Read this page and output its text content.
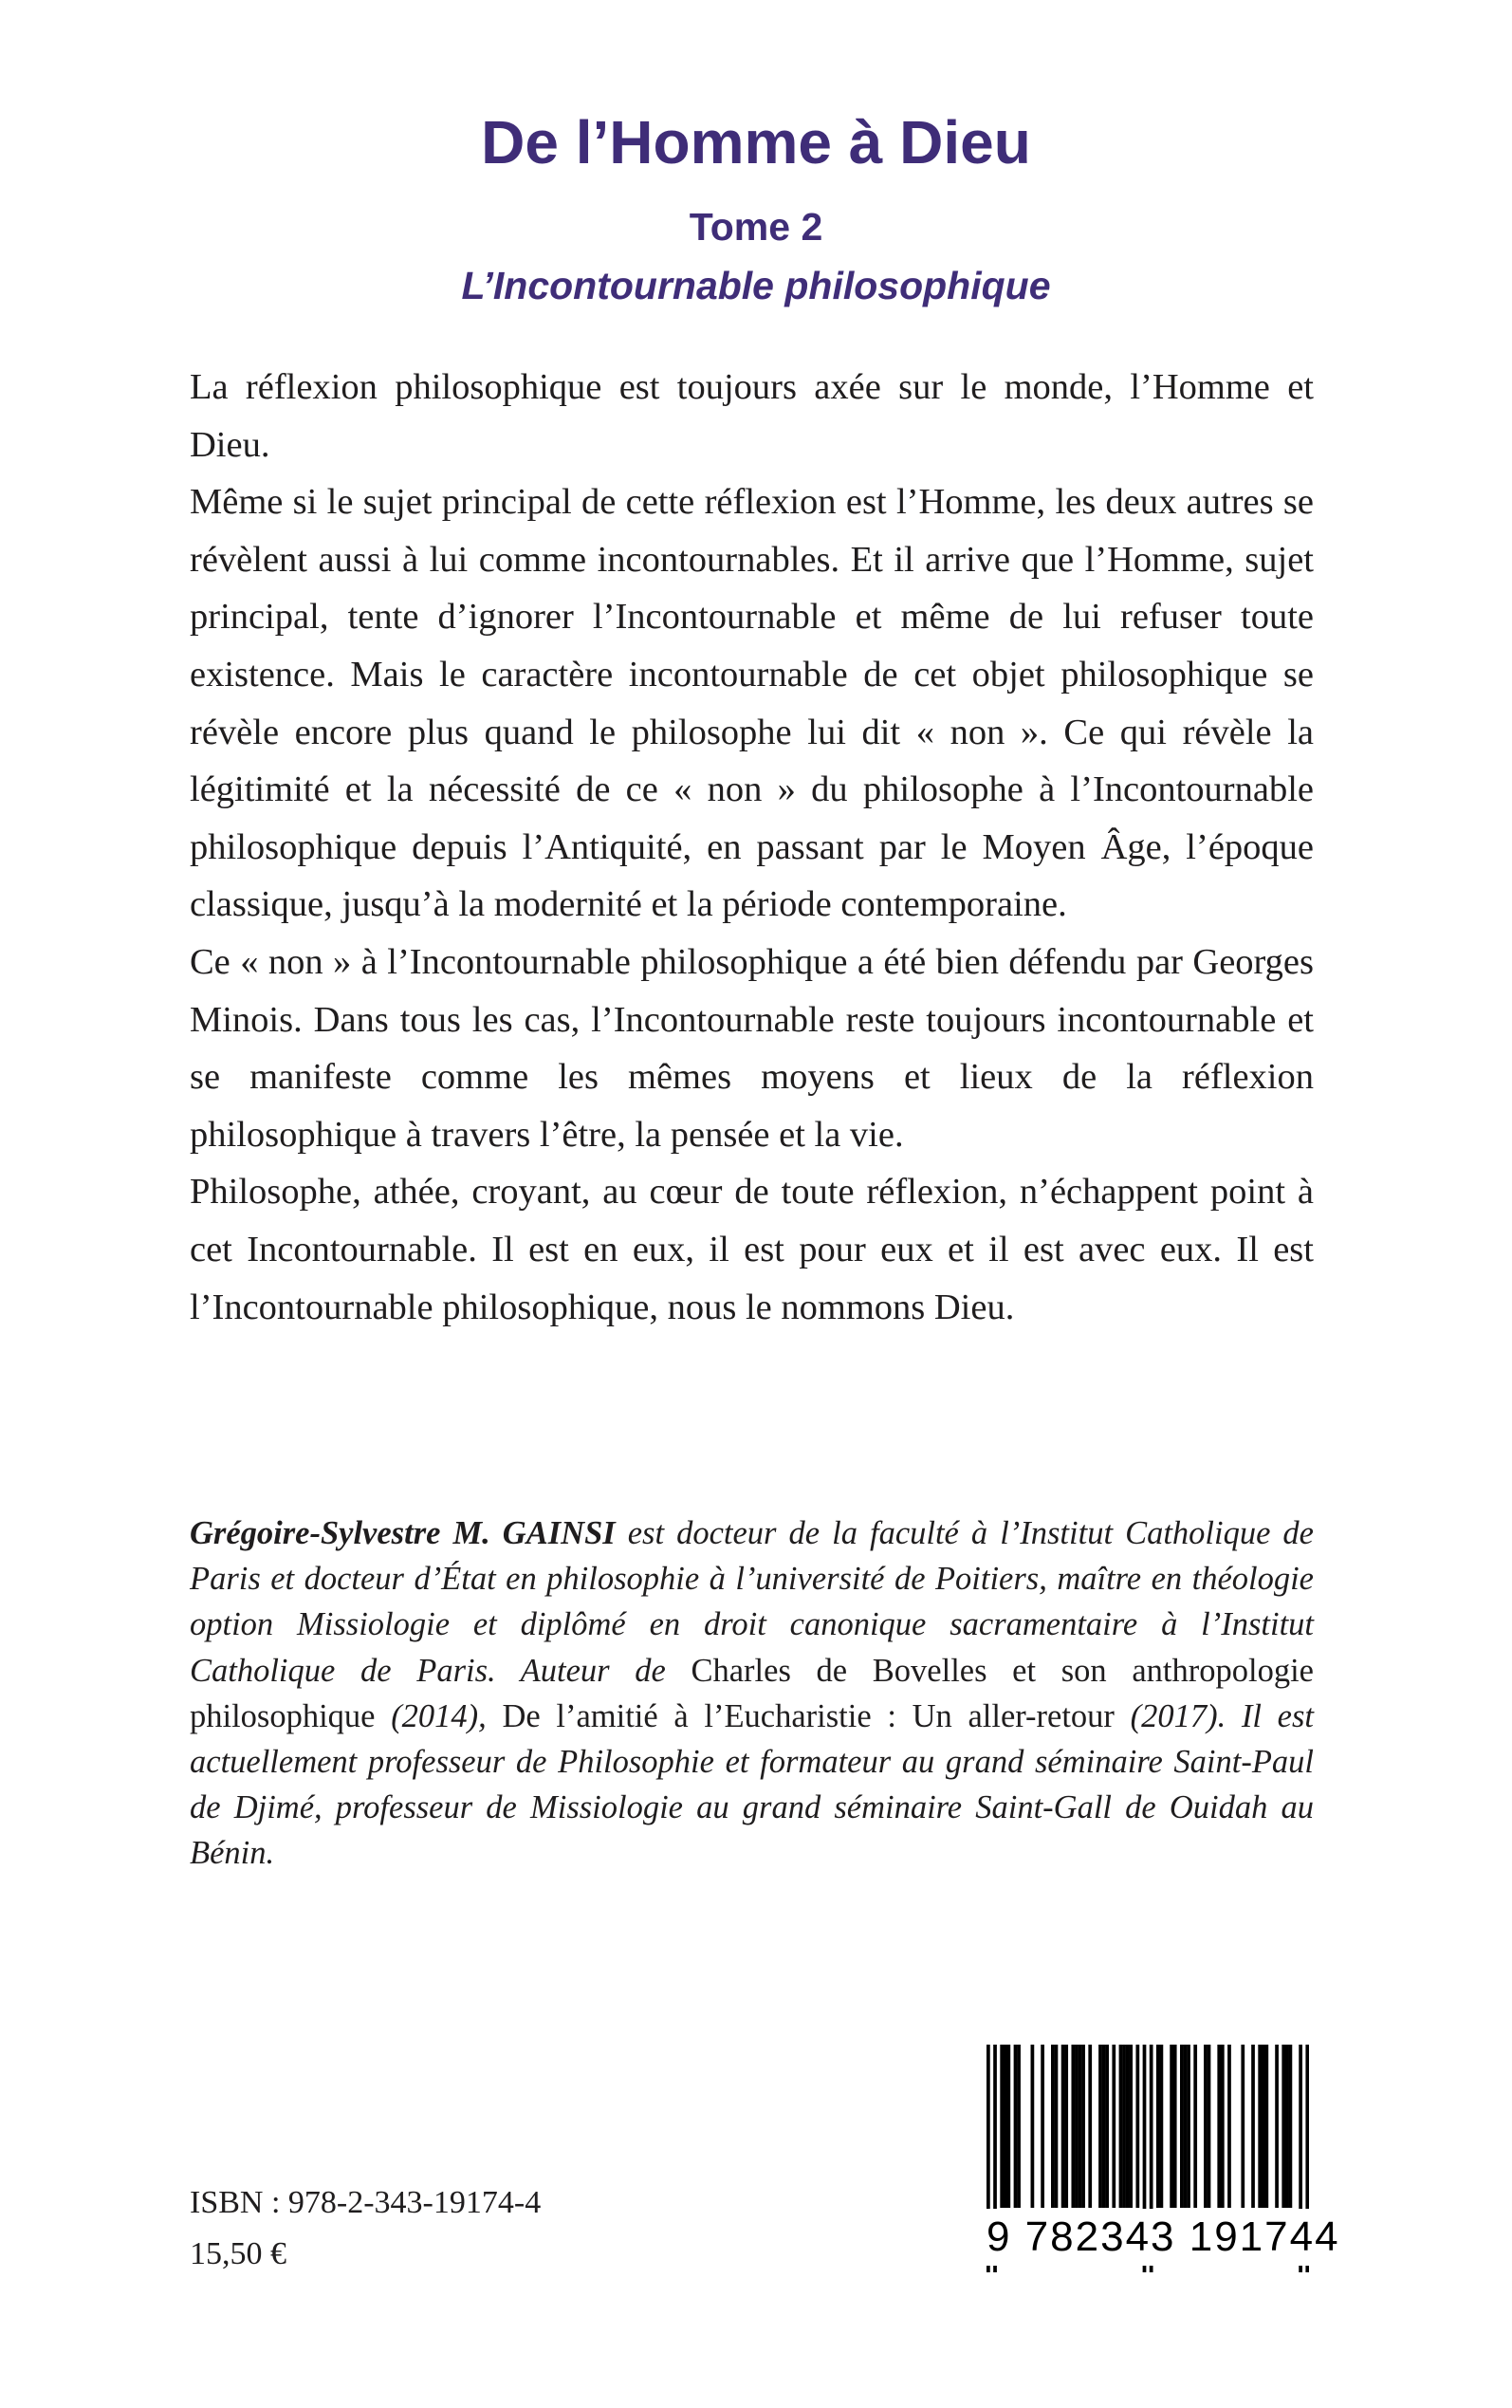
De l’Homme à Dieu
Tome 2
L’Incontournable philosophique

La réflexion philosophique est toujours axée sur le monde, l’Homme et Dieu.

Même si le sujet principal de cette réflexion est l’Homme, les deux autres se révèlent aussi à lui comme incontournables. Et il arrive que l’Homme, sujet principal, tente d’ignorer l’Incontournable et même de lui refuser toute existence. Mais le caractère incontournable de cet objet philosophique se révèle encore plus quand le philosophe lui dit « non ». Ce qui révèle la légitimité et la nécessité de ce « non » du philosophe à l’Incontournable philosophique depuis l’Antiquité, en passant par le Moyen Âge, l’époque classique, jusqu’à la modernité et la période contemporaine.

Ce « non » à l’Incontournable philosophique a été bien défendu par Georges Minois. Dans tous les cas, l’Incontournable reste toujours incontournable et se manifeste comme les mêmes moyens et lieux de la réflexion philosophique à travers l’être, la pensée et la vie.

Philosophe, athée, croyant, au cœur de toute réflexion, n’échappent point à cet Incontournable. Il est en eux, il est pour eux et il est avec eux. Il est l’Incontournable philosophique, nous le nommons Dieu.

Grégoire-Sylvestre M. GAINSI est docteur de la faculté à l’Institut Catholique de Paris et docteur d’État en philosophie à l’université de Poitiers, maître en théologie option Missiologie et diplômé en droit canonique sacramentaire à l’Institut Catholique de Paris. Auteur de Charles de Bovelles et son anthropologie philosophique (2014), De l’amitié à l’Eucharistie : Un aller-retour (2017). Il est actuellement professeur de Philosophie et formateur au grand séminaire Saint-Paul de Djimé, professeur de Missiologie au grand séminaire Saint-Gall de Ouidah au Bénin.

ISBN : 978-2-343-19174-4
15,50 €	9 782343 191744
